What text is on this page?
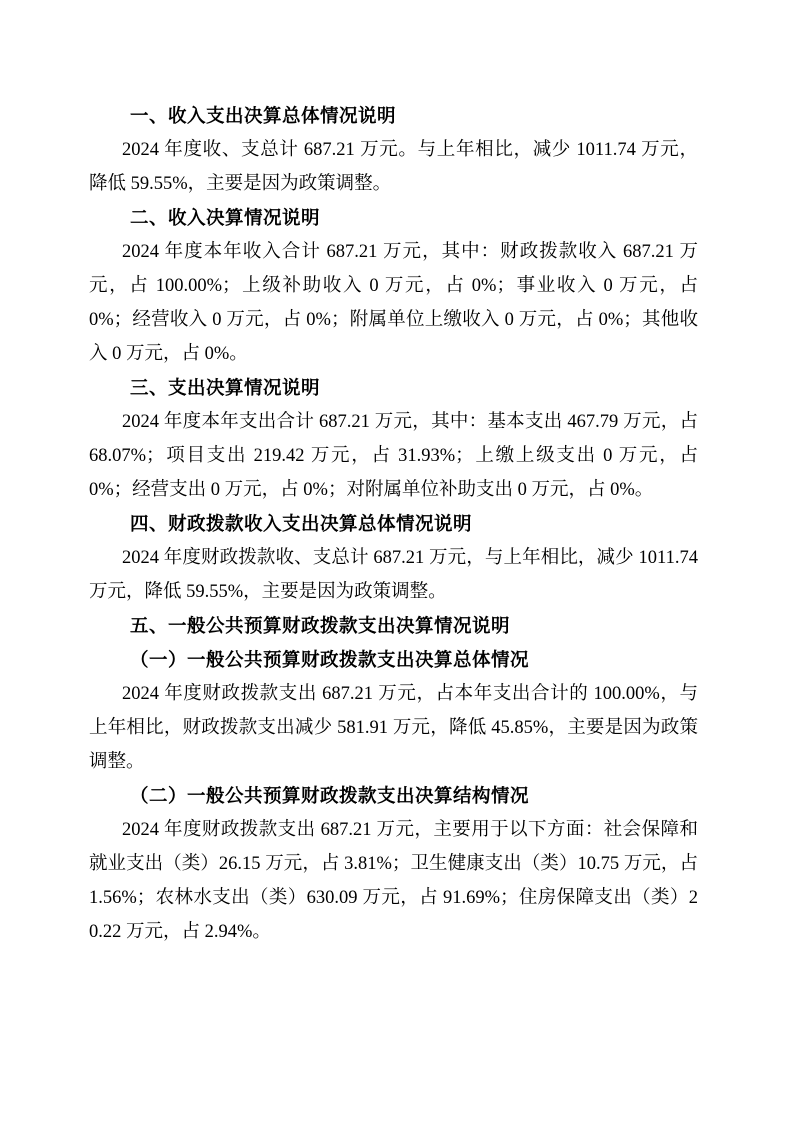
一、收入支出决算总体情况说明

2024 年度收、支总计 687.21 万元。与上年相比，减少 1011.74 万元，降低 59.55%，主要是因为政策调整。

二、收入决算情况说明

2024 年度本年收入合计 687.21 万元，其中：财政拨款收入 687.21 万元，占 100.00%；上级补助收入 0 万元，占 0%；事业收入 0 万元，占 0%；经营收入 0 万元，占 0%；附属单位上缴收入 0 万元，占 0%；其他收入 0 万元，占 0%。

三、支出决算情况说明

2024 年度本年支出合计 687.21 万元，其中：基本支出 467.79 万元，占 68.07%；项目支出 219.42 万元，占 31.93%；上缴上级支出 0 万元，占 0%；经营支出 0 万元，占 0%；对附属单位补助支出 0 万元，占 0%。

四、财政拨款收入支出决算总体情况说明

2024 年度财政拨款收、支总计 687.21 万元，与上年相比，减少 1011.74 万元，降低 59.55%，主要是因为政策调整。

五、一般公共预算财政拨款支出决算情况说明
（一）一般公共预算财政拨款支出决算总体情况

2024 年度财政拨款支出 687.21 万元，占本年支出合计的 100.00%，与上年相比，财政拨款支出减少 581.91 万元，降低 45.85%，主要是因为政策调整。

（二）一般公共预算财政拨款支出决算结构情况

2024 年度财政拨款支出 687.21 万元，主要用于以下方面：社会保障和就业支出（类）26.15 万元，占 3.81%；卫生健康支出（类）10.75 万元，占 1.56%；农林水支出（类）630.09 万元，占 91.69%；住房保障支出（类）20.22 万元，占 2.94%。
